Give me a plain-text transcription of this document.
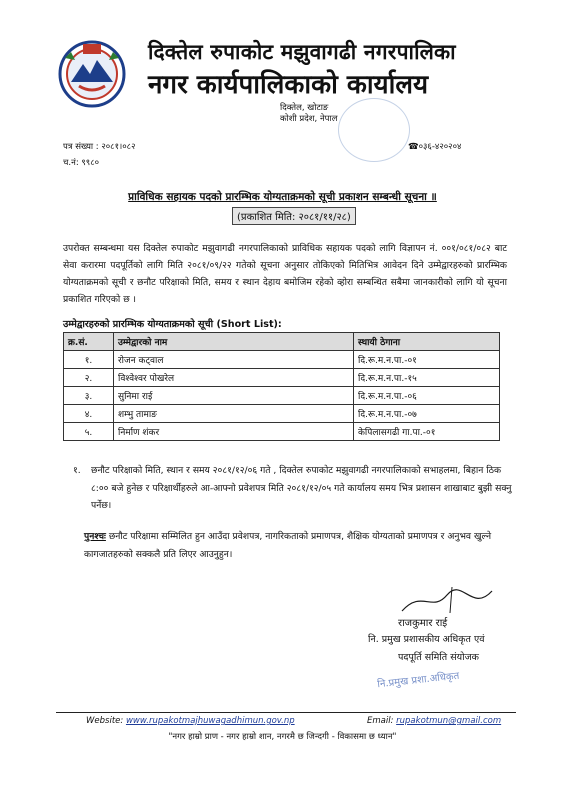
दिक्तेल रुपाकोट मझुवागढी नगरपालिका
नगर कार्यपालिकाको कार्यालय
दिक्तेल, खोटाङ
कोशी प्रदेश, नेपाल
पत्र संख्या : २०८१।०८२
च.नं: ९९८०
☎०३६-४२०२०४
प्राविधिक सहायक पदको प्रारम्भिक योग्यताक्रमको सूची प्रकाशन सम्बन्धी सूचना ॥
(प्रकाशित मिति: २०८१/११/२८)
उपरोक्त सम्बन्धमा यस दिक्तेल रुपाकोट मझुवागढी नगरपालिकाको प्राविधिक सहायक पदको लागि विज्ञापन नं. ००१/०८१/०८२ बाट सेवा करारमा पदपूर्तिको लागि मिति २०८१/०९/२२ गतेको सूचना अनुसार तोकिएको मितिभित्र आवेदन दिने उम्मेद्वारहरुको प्रारम्भिक योग्यताक्रमको सूची र छनौट परिक्षाको मिति, समय र स्थान देहाय बमोजिम रहेको व्होरा सम्बन्धित सबैमा जानकारीको लागि यो सूचना प्रकाशित गरिएको छ ।
उम्मेद्वारहरुको प्रारम्भिक योग्यताक्रमको सूची (Short List):
क्र.सं.	उम्मेद्वारको नाम	स्थायी ठेगाना
१.	रोजन कट्वाल	दि.रू.म.न.पा.-०१
२.	विश्वेश्वर पोखरेल	दि.रू.म.न.पा.-१५
३.	सुनिमा राई	दि.रू.म.न.पा.-०६
४.	शम्भु तामाङ	दि.रू.म.न.पा.-०७
५.	निर्माण शंकर	केपिलासगढी गा.पा.-०१
१.	छनौट परिक्षाको मिति, स्थान र समय २०८१/१२/०६ गते , दिक्तेल रुपाकोट मझुवागढी नगरपालिकाको सभाहलमा, बिहान ठिक ८:०० बजे हुनेछ र परिक्षार्थीहरुले आ-आफ्नो प्रवेशपत्र मिति २०८१/१२/०५ गते कार्यालय समय भित्र प्रशासन शाखाबाट बुझी सक्नु पर्नेछ।
पुनश्चः छनौट परिक्षामा सम्मिलित हुन आउँदा प्रवेशपत्र, नागरिकताको प्रमाणपत्र, शैक्षिक योग्यताको प्रमाणपत्र र अनुभव खुल्ने कागजातहरुको सक्कलै प्रति लिएर आउनुहुन।
राजकुमार राई
नि. प्रमुख प्रशासकीय अधिकृत एवं
पदपूर्ति समिति संयोजक
नि.प्रमुख प्रशा.अधिकृत
Website: www.rupakotmajhuwagadhimun.gov.np	Email: rupakotmun@gmail.com
"नगर हाम्रो प्राण - नगर हाम्रो शान, नगरमै छ जिन्दगी - विकासमा छ ध्यान"
